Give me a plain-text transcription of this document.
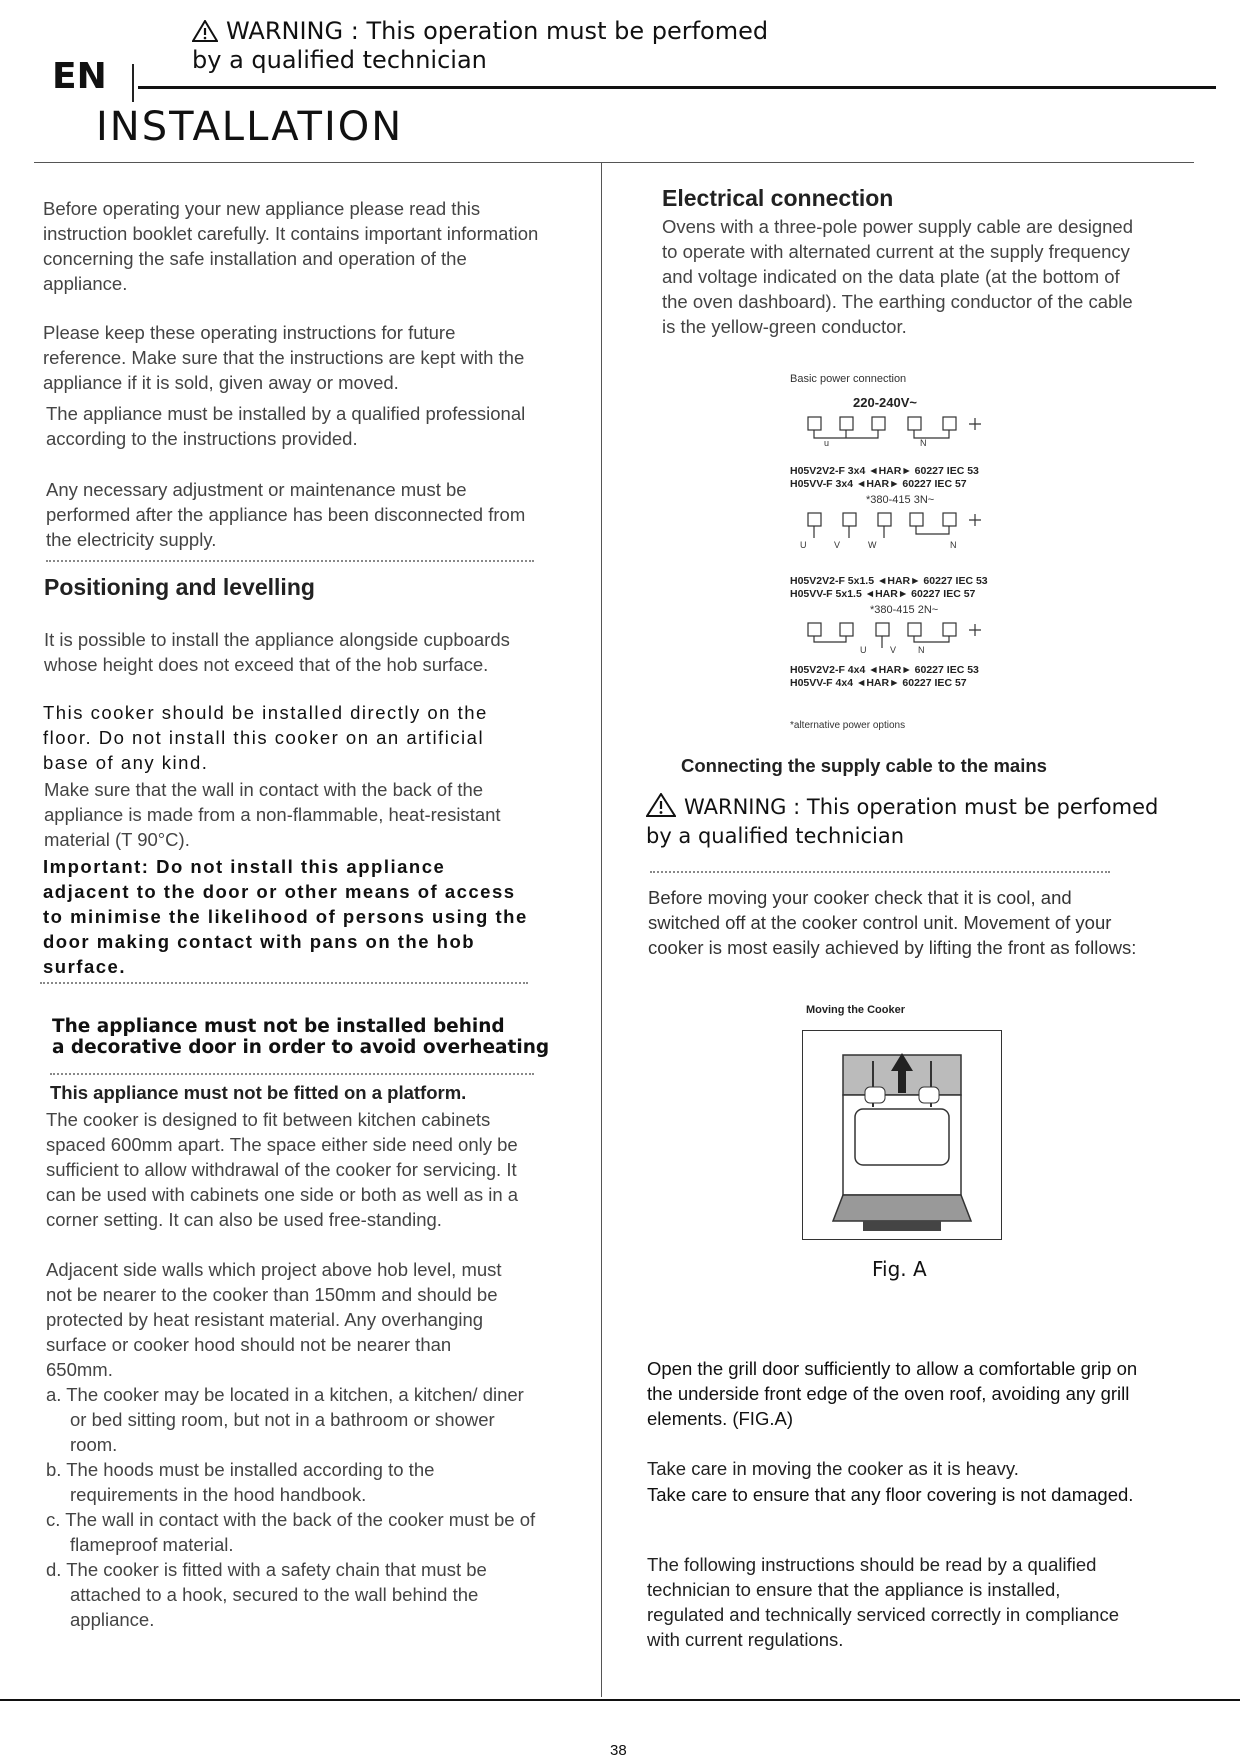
WARNING : This operation must be perfomed
by a qualified technician
EN
INSTALLATION

Before operating your new appliance please read this instruction booklet carefully. It contains important information concerning the safe installation and operation of the appliance.

Please keep these operating instructions for future reference. Make sure that the instructions are kept with the appliance if it is sold, given away or moved.

The appliance must be installed by a qualified professional according to the instructions provided.

Any necessary adjustment or maintenance must be performed after the appliance has been disconnected from the electricity supply.

Positioning and levelling

It is possible to install the appliance alongside cupboards whose height does not exceed that of the hob surface.

This cooker should be installed directly on the floor. Do not install this cooker on an artificial base of any kind.

Make sure that the wall in contact with the back of the appliance is made from a non-flammable, heat-resistant material (T 90°C).

Important: Do not install this appliance adjacent to the door or other means of access to minimise the likelihood of persons using the door making contact with pans on the hob surface.

The appliance must not be installed behind
a decorative door in order to avoid overheating
This appliance must not be fitted on a platform.

The cooker is designed to fit between kitchen cabinets spaced 600mm apart. The space either side need only be sufficient to allow withdrawal of the cooker for servicing. It can be used with cabinets one side or both as well as in a corner setting. It can also be used free-standing.

Adjacent side walls which project above hob level, must not be nearer to the cooker than 150mm and should be protected by heat resistant material. Any overhanging surface or cooker hood should not be nearer than 650mm.

a. The cooker may be located in a kitchen, a kitchen/ diner or bed sitting room, but not in a bathroom or shower room.
b. The hoods must be installed according to the requirements in the hood handbook.
c. The wall in contact with the back of the cooker must be of flameproof material.
d. The cooker is fitted with a safety chain that must be attached to a hook, secured to the wall behind the appliance.
Electrical connection

Ovens with a three-pole power supply cable are designed to operate with alternated current at the supply frequency and voltage indicated on the data plate (at the bottom of the oven dashboard). The earthing conductor of the cable is the yellow-green conductor.

Basic power connection
220-240V~
u	N
H05V2V2-F 3x4 ◄HAR► 60227 IEC 53
H05VV-F 3x4 ◄HAR► 60227 IEC 57
*380-415 3N~
U	V	W	N
H05V2V2-F 5x1.5 ◄HAR► 60227 IEC 53
H05VV-F 5x1.5 ◄HAR► 60227 IEC 57
*380-415 2N~
U	V N
H05V2V2-F 4x4 ◄HAR► 60227 IEC 53
H05VV-F 4x4 ◄HAR► 60227 IEC 57
*alternative power options
Connecting the supply cable to the mains
WARNING : This operation must be perfomed
by a qualified technician

Before moving your cooker check that it is cool, and switched off at the cooker control unit. Movement of your cooker is most easily achieved by lifting the front as follows:

Moving the Cooker
Fig. A

Open the grill door sufficiently to allow a comfortable grip on the underside front edge of the oven roof, avoiding any grill elements. (FIG.A)

Take care in moving the cooker as it is heavy.

Take care to ensure that any floor covering is not damaged.

The following instructions should be read by a qualified technician to ensure that the appliance is installed, regulated and technically serviced correctly in compliance with current regulations.

38
